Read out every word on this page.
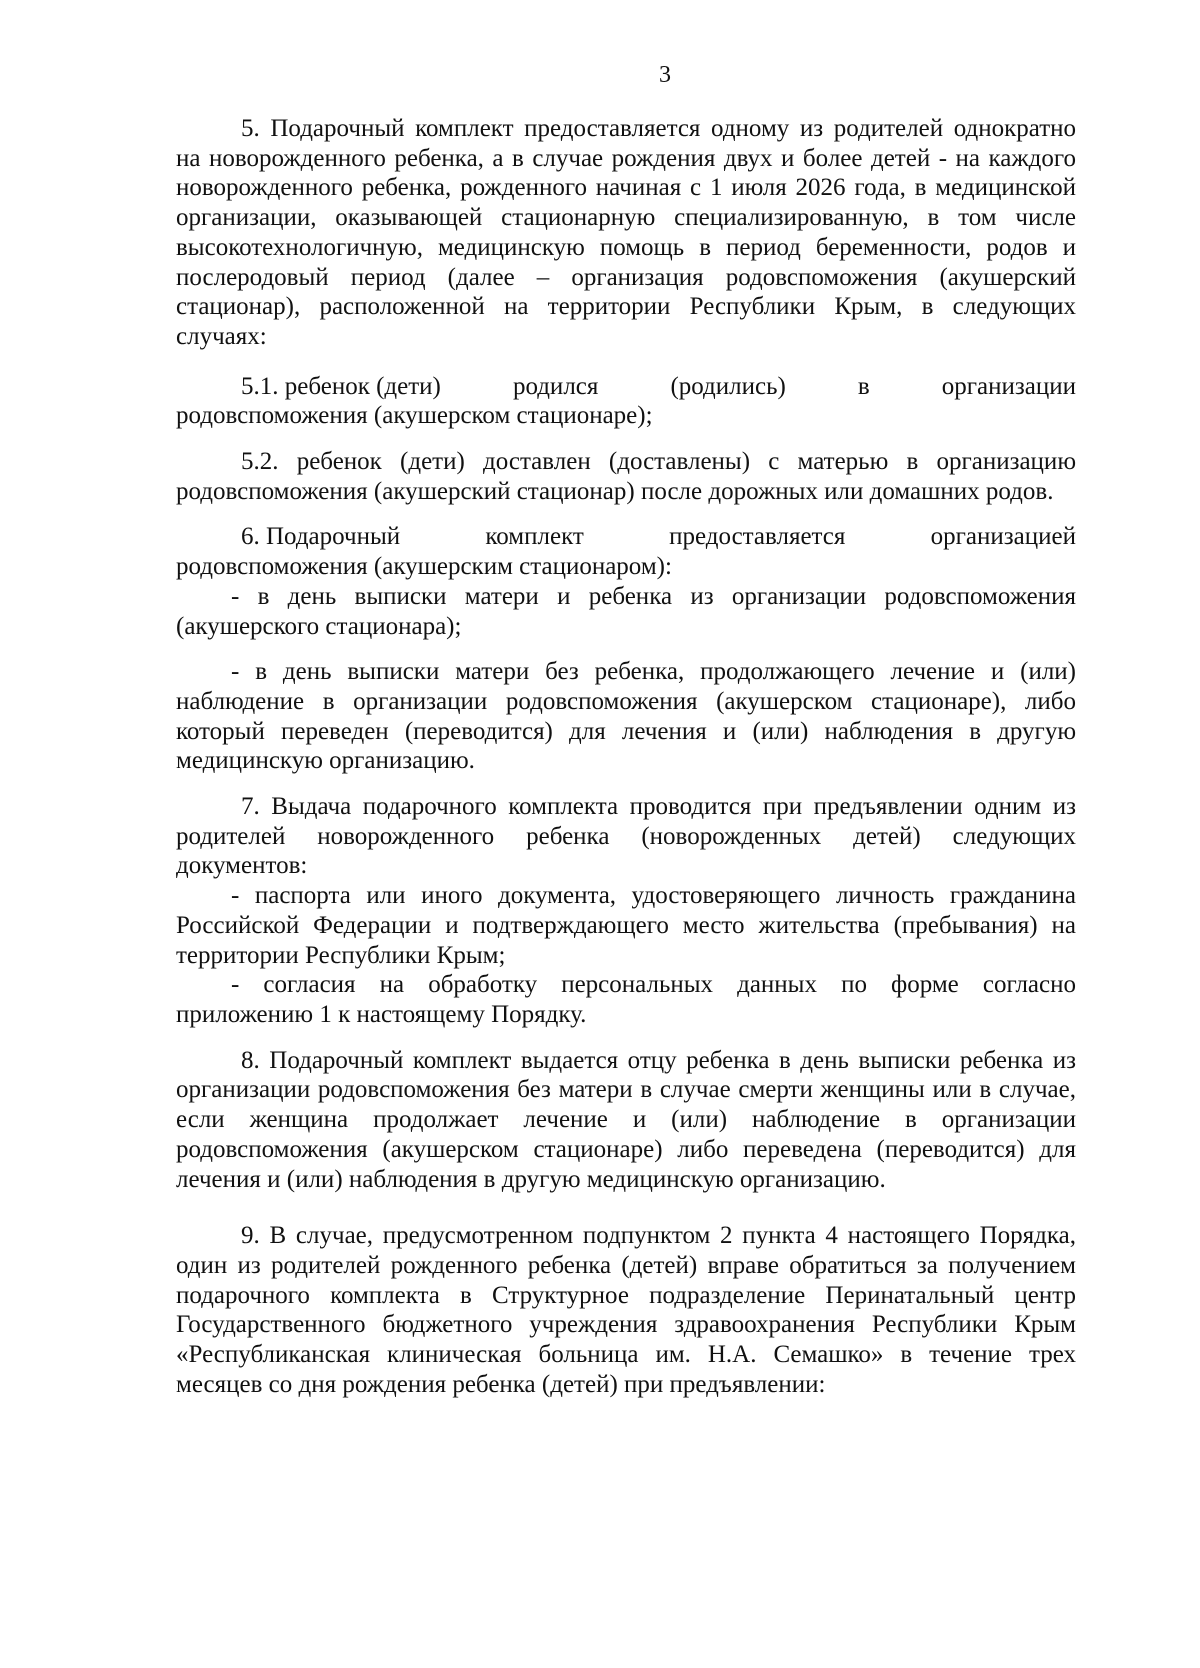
3

5. Подарочный комплект предоставляется одному из родителей однократно на новорожденного ребенка, а в случае рождения двух и более детей - на каждого новорожденного ребенка, рожденного начиная с 1 июля 2026 года, в медицинской организации, оказывающей стационарную специализированную, в том числе высокотехнологичную, медицинскую помощь в период беременности, родов и послеродовый период (далее – организация родовспоможения (акушерский стационар), расположенной на территории Республики Крым, в следующих случаях:

5.1. ребенок (дети)	родился	(родились)	в	организации
родовспоможения (акушерском стационаре);

5.2. ребенок (дети) доставлен (доставлены) с матерью в организацию родовспоможения (акушерский стационар) после дорожных или домашних родов.

6. Подарочный	комплект	предоставляется	организацией
родовспоможения (акушерским стационаром):

- в день выписки матери и ребенка из организации родовспоможения (акушерского стационара);

- в день выписки матери без ребенка, продолжающего лечение и (или) наблюдение в организации родовспоможения (акушерском стационаре), либо который переведен (переводится) для лечения и (или) наблюдения в другую медицинскую организацию.

7. Выдача подарочного комплекта проводится при предъявлении одним из родителей новорожденного ребенка (новорожденных детей) следующих документов:

- паспорта или иного документа, удостоверяющего личность гражданина Российской Федерации и подтверждающего место жительства (пребывания) на территории Республики Крым;

- согласия на обработку персональных данных по форме согласно приложению 1 к настоящему Порядку.

8. Подарочный комплект выдается отцу ребенка в день выписки ребенка из организации родовспоможения без матери в случае смерти женщины или в случае, если женщина продолжает лечение и (или) наблюдение в организации родовспоможения (акушерском стационаре) либо переведена (переводится) для лечения и (или) наблюдения в другую медицинскую организацию.

9. В случае, предусмотренном подпунктом 2 пункта 4 настоящего Порядка, один из родителей рожденного ребенка (детей) вправе обратиться за получением подарочного комплекта в Структурное подразделение Перинатальный центр Государственного бюджетного учреждения здравоохранения Республики Крым «Республиканская клиническая больница им. Н.А. Семашко» в течение трех месяцев со дня рождения ребенка (детей) при предъявлении:
